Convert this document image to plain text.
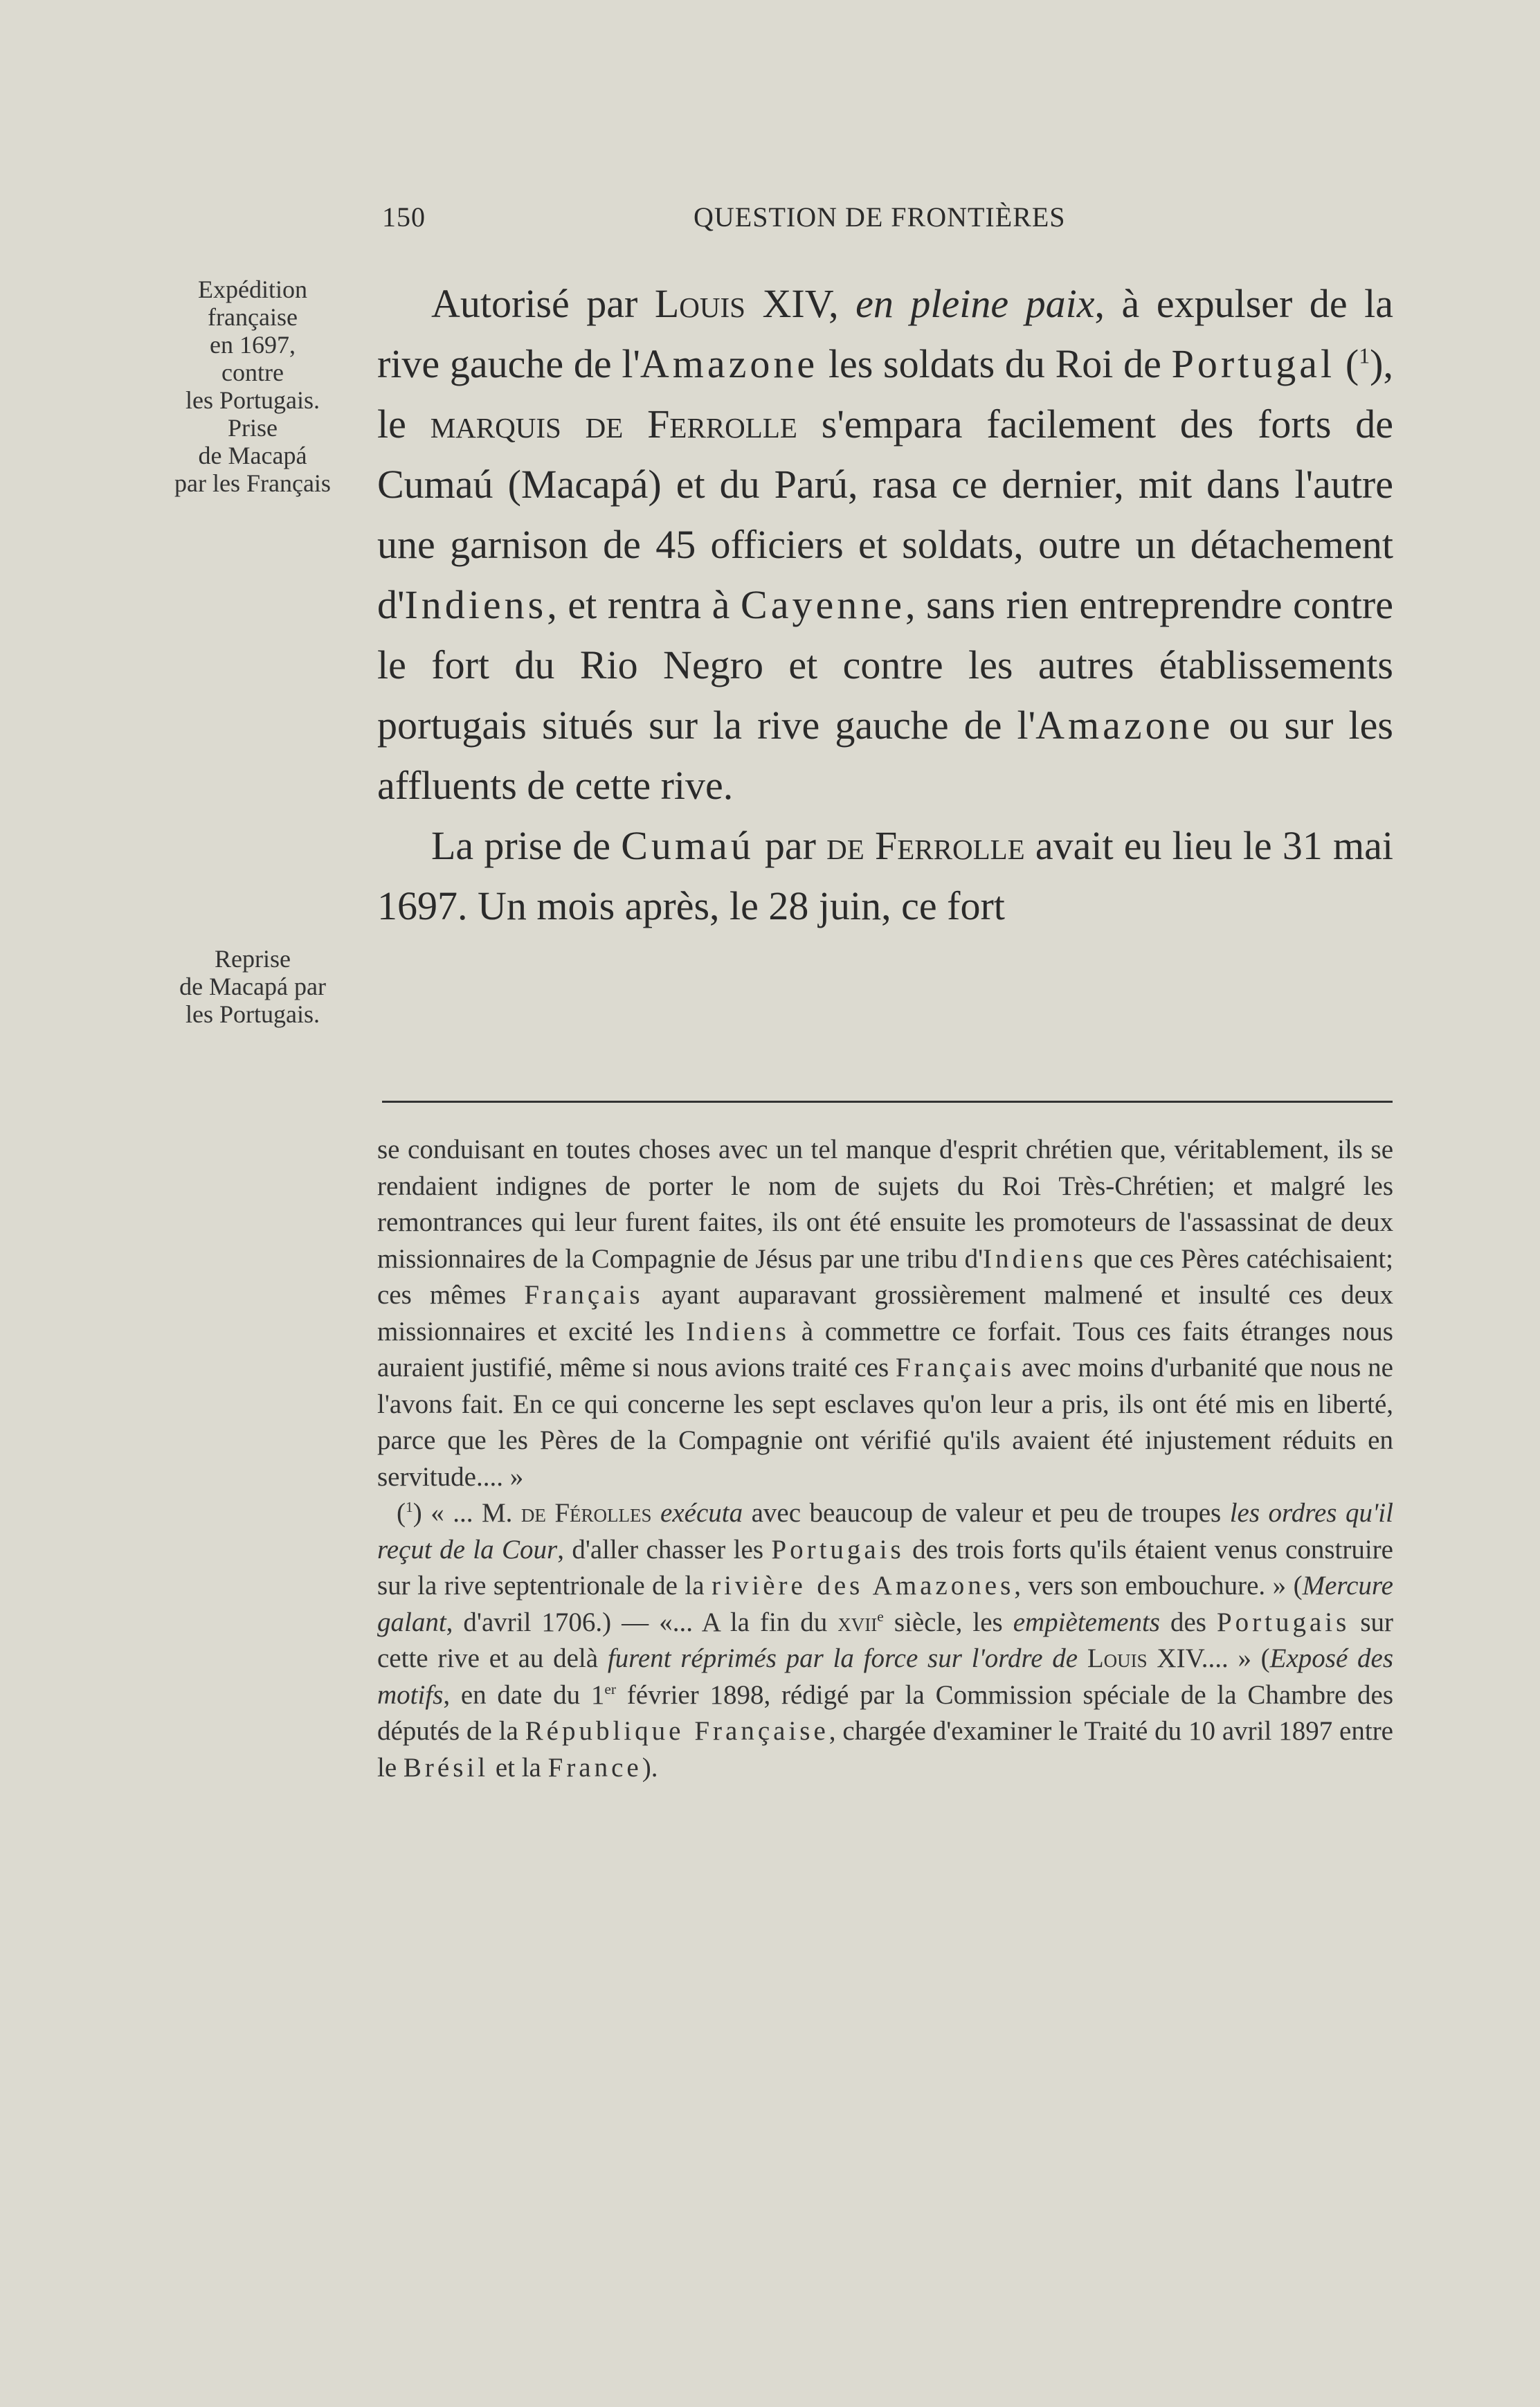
150	QUESTION DE FRONTIÈRES
Expédition
française
en 1697,
contre
les Portugais.
Prise
de Macapá
par les Français
Reprise
de Macapá par
les Portugais.

Autorisé par Louis XIV, en pleine paix, à expulser de la rive gauche de l'Amazone les soldats du Roi de Portugal ($^1$), le marquis de Ferrolle s'empara facilement des forts de Cumaú (Macapá) et du Parú, rasa ce dernier, mit dans l'autre une garnison de 45 officiers et soldats, outre un détachement d'Indiens, et rentra à Cayenne, sans rien entreprendre contre le fort du Rio Negro et contre les autres établissements portugais situés sur la rive gauche de l'Amazone ou sur les affluents de cette rive.

La prise de Cumaú par de Ferrolle avait eu lieu le 31 mai 1697. Un mois après, le 28 juin, ce fort

se conduisant en toutes choses avec un tel manque d'esprit chrétien que, véritablement, ils se rendaient indignes de porter le nom de sujets du Roi Très-Chrétien; et malgré les remontrances qui leur furent faites, ils ont été ensuite les promoteurs de l'assassinat de deux missionnaires de la Compagnie de Jésus par une tribu d'Indiens que ces Pères catéchisaient; ces mêmes Français ayant auparavant grossièrement malmené et insulté ces deux missionnaires et excité les Indiens à commettre ce forfait. Tous ces faits étranges nous auraient justifié, même si nous avions traité ces Français avec moins d'urbanité que nous ne l'avons fait. En ce qui concerne les sept esclaves qu'on leur a pris, ils ont été mis en liberté, parce que les Pères de la Compagnie ont vérifié qu'ils avaient été injustement réduits en servitude.... »

($^1$) « ... M. de Férolles exécuta avec beaucoup de valeur et peu de troupes les ordres qu'il reçut de la Cour, d'aller chasser les Portugais des trois forts qu'ils étaient venus construire sur la rive septentrionale de la rivière des Amazones, vers son embouchure. » (Mercure galant, d'avril 1706.) — «... A la fin du xvii$^e$ siècle, les empiètements des Portugais sur cette rive et au delà furent réprimés par la force sur l'ordre de Louis XIV.... » (Exposé des motifs, en date du 1er février 1898, rédigé par la Commission spéciale de la Chambre des députés de la République Française, chargée d'examiner le Traité du 10 avril 1897 entre le Brésil et la France).
